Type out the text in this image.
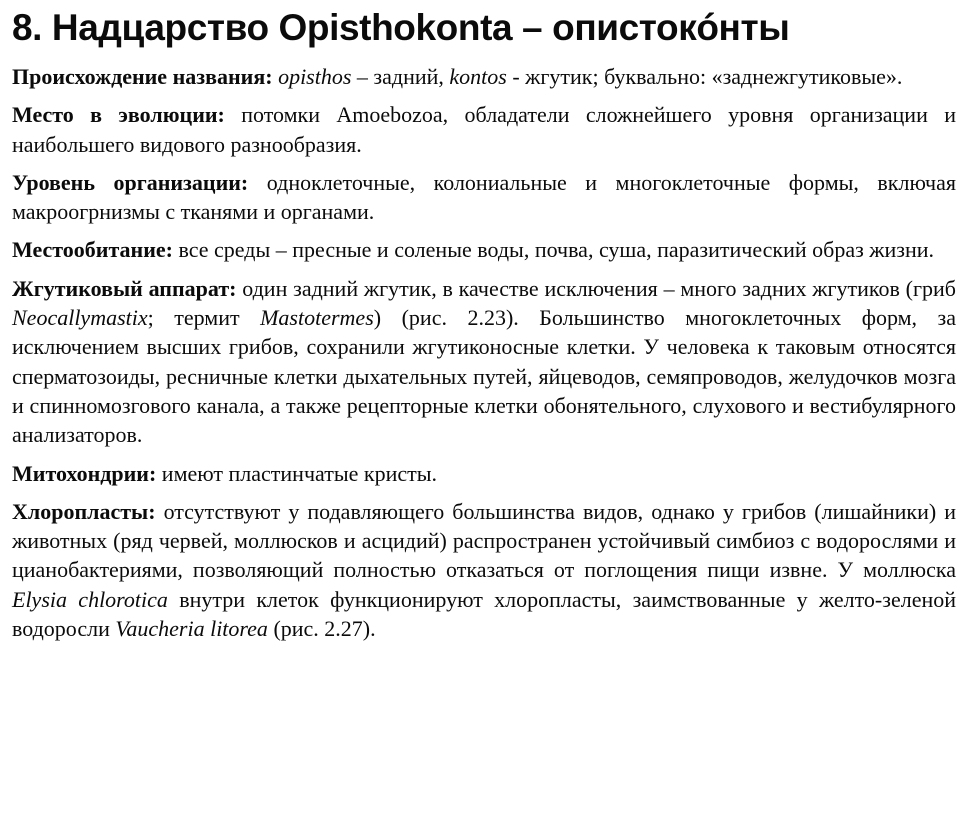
8. Надцарство Opisthokonta – опистокóнты

Происхождение названия: opisthos – задний, kontos - жгутик; буквально: «заднежгутиковые».

Место в эволюции: потомки Amoebozoa, обладатели сложнейшего уровня организации и наибольшего видового разнообразия.

Уровень организации: одноклеточные, колониальные и многоклеточные формы, включая макроогрнизмы с тканями и органами.

Местообитание: все среды – пресные и соленые воды, почва, суша, паразитический образ жизни.

Жгутиковый аппарат: один задний жгутик, в качестве исключения – много задних жгутиков (гриб Neocallymastix; термит Mastotermes) (рис. 2.23). Большинство многоклеточных форм, за исключением высших грибов, сохранили жгутиконосные клетки. У человека к таковым относятся сперматозоиды, ресничные клетки дыхательных путей, яйцеводов, семяпроводов, желудочков мозга и спинномозгового канала, а также рецепторные клетки обонятельного, слухового и вестибулярного анализаторов.

Митохондрии: имеют пластинчатые кристы.

Хлоропласты: отсутствуют у подавляющего большинства видов, однако у грибов (лишайники) и животных (ряд червей, моллюсков и асцидий) распространен устойчивый симбиоз с водорослями и цианобактериями, позволяющий полностью отказаться от поглощения пищи извне. У моллюска Elysia chlorotica внутри клеток функционируют хлоропласты, заимствованные у желто-зеленой водоросли Vaucheria litorea (рис. 2.27).
